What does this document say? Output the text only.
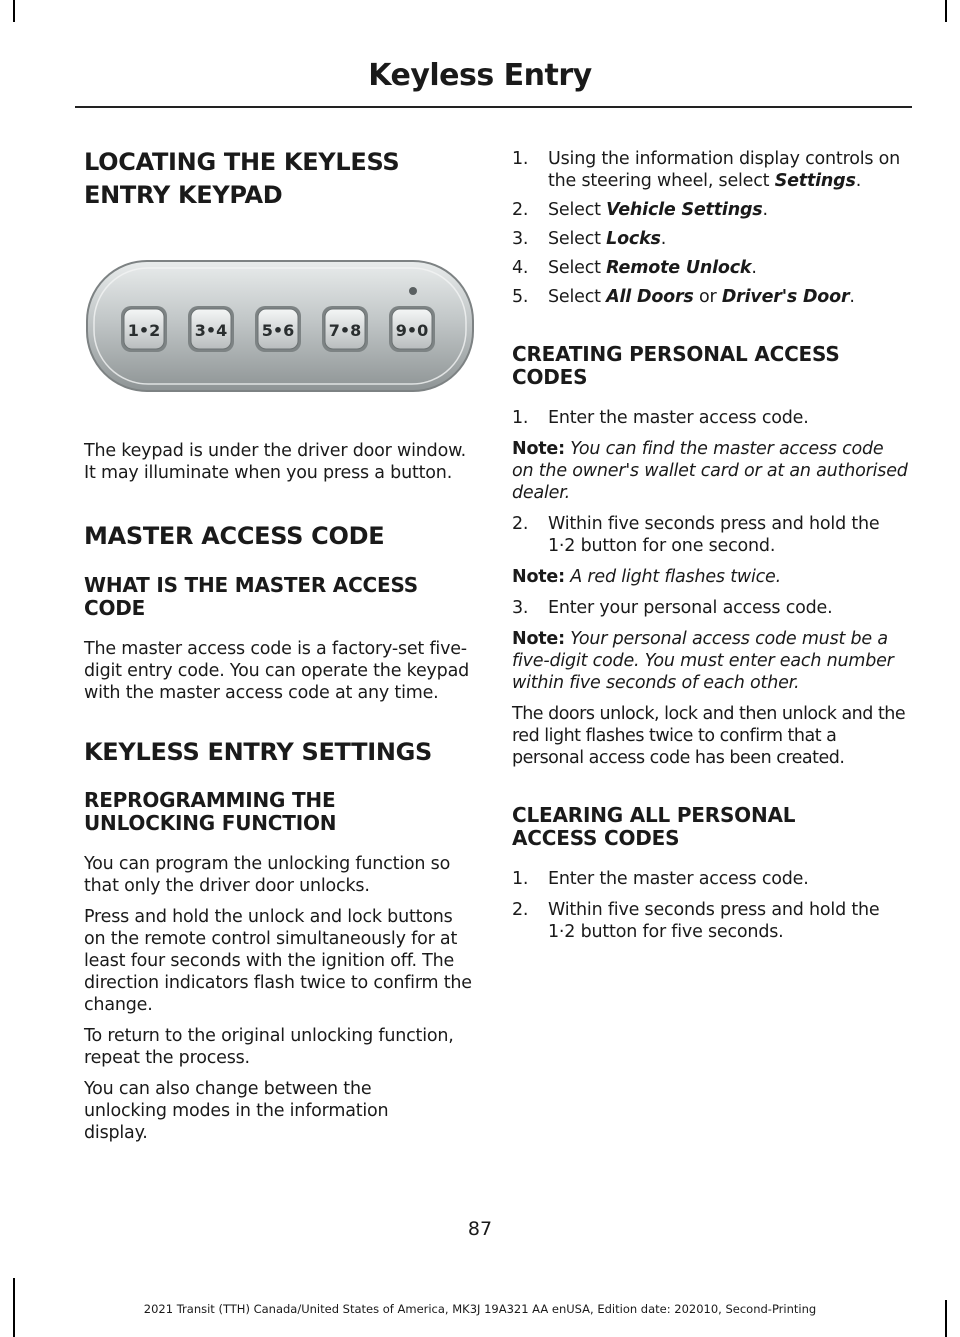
Keyless Entry
LOCATING THE KEYLESS
ENTRY KEYPAD
1•2 3•4 5•6 7•8 9•0

The keypad is under the driver door window. It may illuminate when you press a button.

MASTER ACCESS CODE
WHAT IS THE MASTER ACCESS CODE

The master access code is a factory-set five-digit entry code. You can operate the keypad with the master access code at any time.

KEYLESS ENTRY SETTINGS
REPROGRAMMING THE UNLOCKING FUNCTION

You can program the unlocking function so that only the driver door unlocks.

Press and hold the unlock and lock buttons on the remote control simultaneously for at least four seconds with the ignition off. The direction indicators flash twice to confirm the change.

To return to the original unlocking function, repeat the process.

You can also change between the unlocking modes in the information display.

1. Using the information display controls on the steering wheel, select Settings.
2. Select Vehicle Settings.
3. Select Locks.
4. Select Remote Unlock.
5. Select All Doors or Driver's Door.
CREATING PERSONAL ACCESS CODES
1. Enter the master access code.

Note: You can find the master access code on the owner's wallet card or at an authorised dealer.

2. Within five seconds press and hold the 1·2 button for one second.

Note: A red light flashes twice.

3. Enter your personal access code.

Note: Your personal access code must be a five-digit code. You must enter each number within five seconds of each other.

The doors unlock, lock and then unlock and the red light flashes twice to confirm that a personal access code has been created.

CLEARING ALL PERSONAL ACCESS CODES
1. Enter the master access code.
2. Within five seconds press and hold the 1·2 button for five seconds.
87
2021 Transit (TTH) Canada/United States of America, MK3J 19A321 AA enUSA, Edition date: 202010, Second-Printing
